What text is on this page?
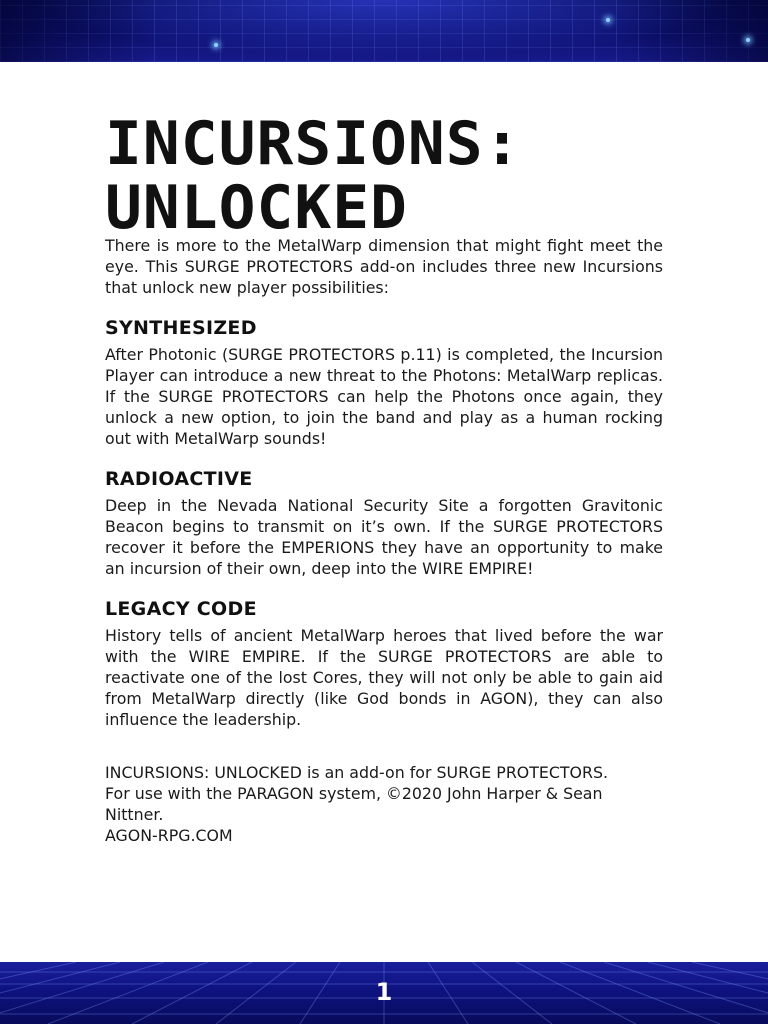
INCURSIONS:
UNLOCKED

There is more to the MetalWarp dimension that might fight meet the eye. This SURGE PROTECTORS add-on includes three new Incursions that unlock new player possibilities:

SYNTHESIZED

After Photonic (SURGE PROTECTORS p.11) is completed, the Incursion Player can introduce a new threat to the Photons: MetalWarp replicas. If the SURGE PROTECTORS can help the Photons once again, they unlock a new option, to join the band and play as a human rocking out with MetalWarp sounds!

RADIOACTIVE

Deep in the Nevada National Security Site a forgotten Gravitonic Beacon begins to transmit on it’s own. If the SURGE PROTECTORS recover it before the EMPERIONS they have an opportunity to make an incursion of their own, deep into the WIRE EMPIRE!

LEGACY CODE

History tells of ancient MetalWarp heroes that lived before the war with the WIRE EMPIRE. If the SURGE PROTECTORS are able to reactivate one of the lost Cores, they will not only be able to gain aid from MetalWarp directly (like God bonds in AGON), they can also influence the leadership.

INCURSIONS: UNLOCKED is an add-on for SURGE PROTECTORS.
For use with the PARAGON system, ©2020 John Harper & Sean Nittner.
AGON-RPG.COM

1
